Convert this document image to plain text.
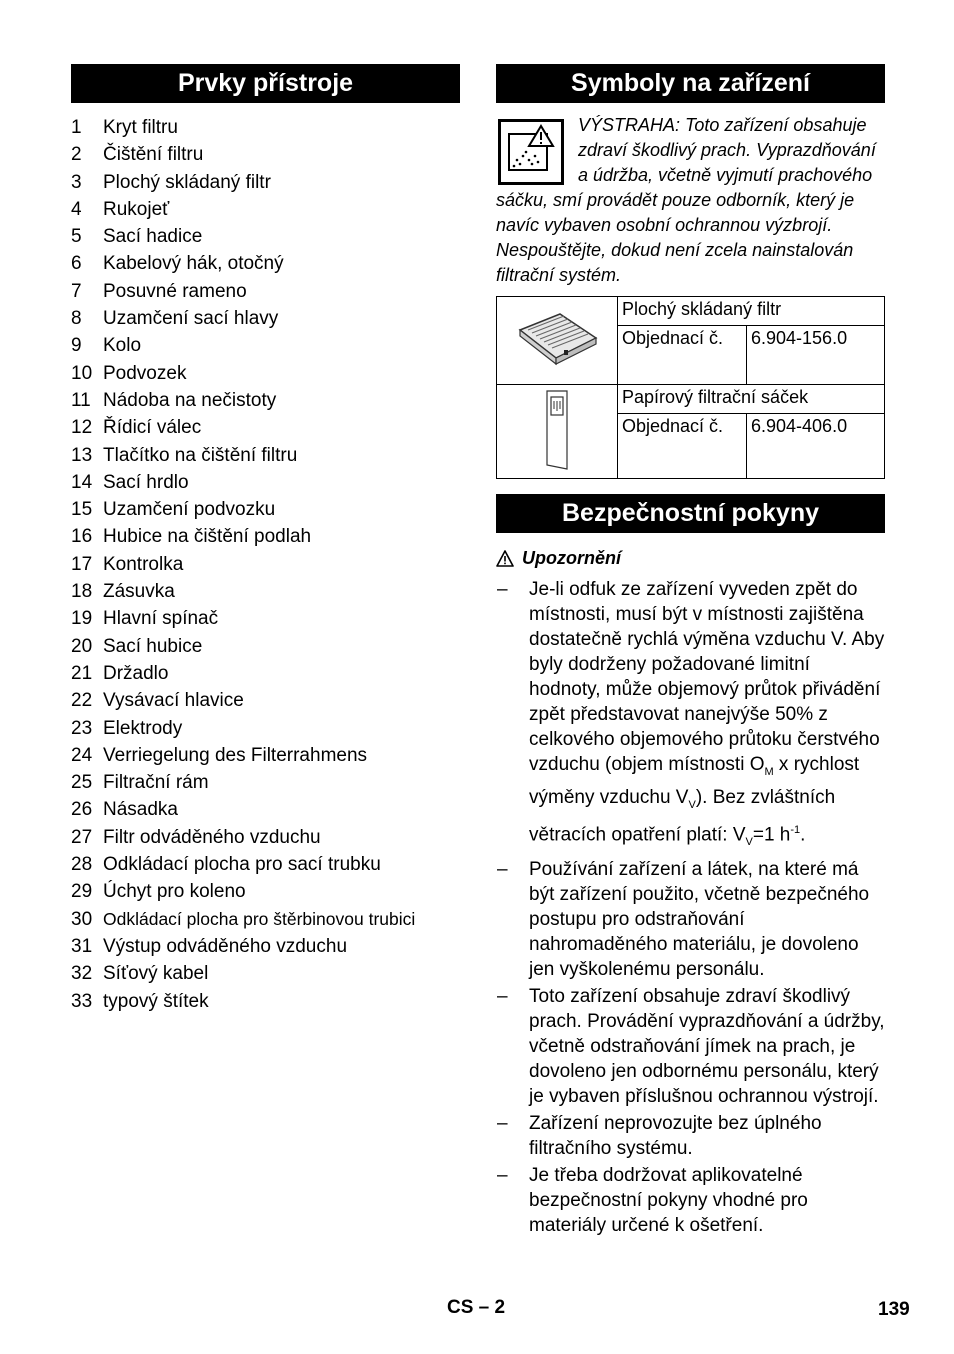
Prvky přístroje
1 Kryt filtru
2 Čištění filtru
3 Plochý skládaný filtr
4 Rukojeť
5 Sací hadice
6 Kabelový hák, otočný
7 Posuvné rameno
8 Uzamčení sací hlavy
9 Kolo
10 Podvozek
11 Nádoba na nečistoty
12 Řídicí válec
13 Tlačítko na čištění filtru
14 Sací hrdlo
15 Uzamčení podvozku
16 Hubice na čištění podlah
17 Kontrolka
18 Zásuvka
19 Hlavní spínač
20 Sací hubice
21 Držadlo
22 Vysávací hlavice
23 Elektrody
24 Verriegelung des Filterrahmens
25 Filtrační rám
26 Násadka
27 Filtr odváděného vzduchu
28 Odkládací plocha pro sací trubku
29 Úchyt pro koleno
30 Odkládací plocha pro štěrbinovou trubici
31 Výstup odváděného vzduchu
32 Síťový kabel
33 typový štítek
Symboly na zařízení
VÝSTRAHA: Toto zařízení obsahuje zdraví škodlivý prach. Vyprazdňování a údržba, včetně vyjmutí prachového sáčku, smí provádět pouze odborník, který je navíc vybaven osobní ochrannou výzbrojí. Nespouštějte, dokud není zcela nainstalován filtrační systém.
	Plochý skládaný filtr	
	Objednací č.	6.904-156.0
	Papírový filtrační sáček	
	Objednací č.	6.904-406.0
Bezpečnostní pokyny
Upozornění
– Je-li odfuk ze zařízení vyveden zpět do místnosti, musí být v místnosti zajištěna dostatečně rychlá výměna vzduchu V. Aby byly dodrženy požadované limitní hodnoty, může objemový průtok přivádění zpět představovat nanejvýše 50% z celkového objemového průtoku čerstvého vzduchu (objem místnosti $O_M$ x rychlost výměny vzduchu $V_V$). Bez zvláštních větracích opatření platí: $V_V=1$ $h^{-1}$.
– Používání zařízení a látek, na které má být zařízení použito, včetně bezpečného postupu pro odstraňování nahromaděného materiálu, je dovoleno jen vyškolenému personálu.
– Toto zařízení obsahuje zdraví škodlivý prach. Provádění vyprazdňování a údržby, včetně odstraňování jímek na prach, je dovoleno jen odbornému personálu, který je vybaven příslušnou ochrannou výstrojí.
– Zařízení neprovozujte bez úplného filtračního systému.
– Je třeba dodržovat aplikovatelné bezpečnostní pokyny vhodné pro materiály určené k ošetření.
CS – 2	139
